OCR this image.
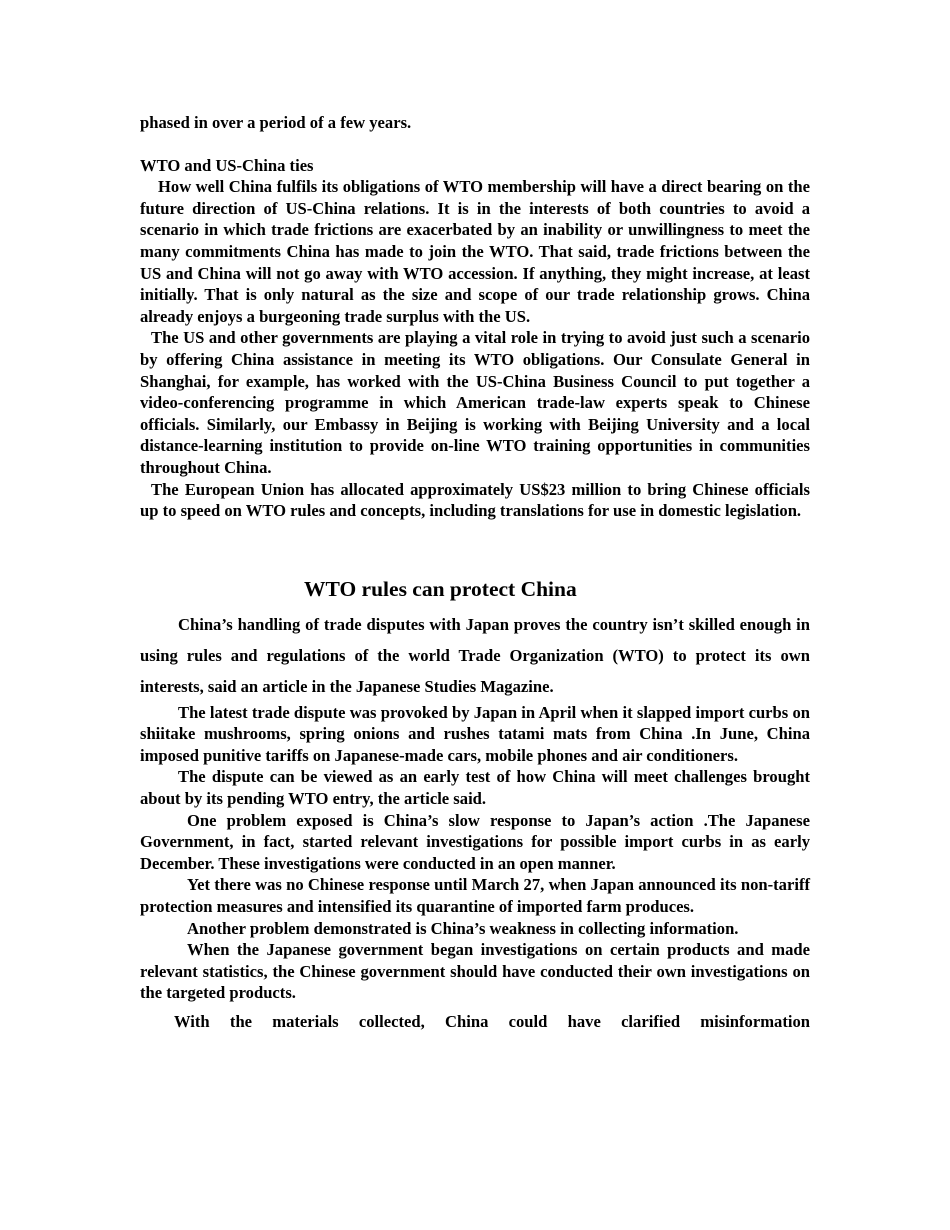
phased in over a period of a few years.

WTO and US-China ties

How well China fulfils its obligations of WTO membership will have a direct bearing on the future direction of US-China relations. It is in the interests of both countries to avoid a scenario in which trade frictions are exacerbated by an inability or unwillingness to meet the many commitments China has made to join the WTO. That said, trade frictions between the US and China will not go away with WTO accession. If anything, they might increase, at least initially. That is only natural as the size and scope of our trade relationship grows. China already enjoys a burgeoning trade surplus with the US.

The US and other governments are playing a vital role in trying to avoid just such a scenario by offering China assistance in meeting its WTO obligations. Our Consulate General in Shanghai, for example, has worked with the US-China Business Council to put together a video-conferencing programme in which American trade-law experts speak to Chinese officials. Similarly, our Embassy in Beijing is working with Beijing University and a local distance-learning institution to provide on-line WTO training opportunities in communities throughout China.

The European Union has allocated approximately US$23 million to bring Chinese officials up to speed on WTO rules and concepts, including translations for use in domestic legislation.

WTO rules can protect China

China’s handling of trade disputes with Japan proves the country isn’t skilled enough in using rules and regulations of the world Trade Organization (WTO) to protect its own interests, said an article in the Japanese Studies Magazine.

The latest trade dispute was provoked by Japan in April when it slapped import curbs on shiitake mushrooms, spring onions and rushes tatami mats from China .In June, China imposed punitive tariffs on Japanese-made cars, mobile phones and air conditioners.

The dispute can be viewed as an early test of how China will meet challenges brought about by its pending WTO entry, the article said.

One problem exposed is China’s slow response to Japan’s action .The Japanese Government, in fact, started relevant investigations for possible import curbs in as early December. These investigations were conducted in an open manner.

Yet there was no Chinese response until March 27, when Japan announced its non-tariff protection measures and intensified its quarantine of imported farm produces.

Another problem demonstrated is China’s weakness in collecting information.

When the Japanese government began investigations on certain products and made relevant statistics, the Chinese government should have conducted their own investigations on the targeted products.

With the materials collected, China could have clarified misinformation
